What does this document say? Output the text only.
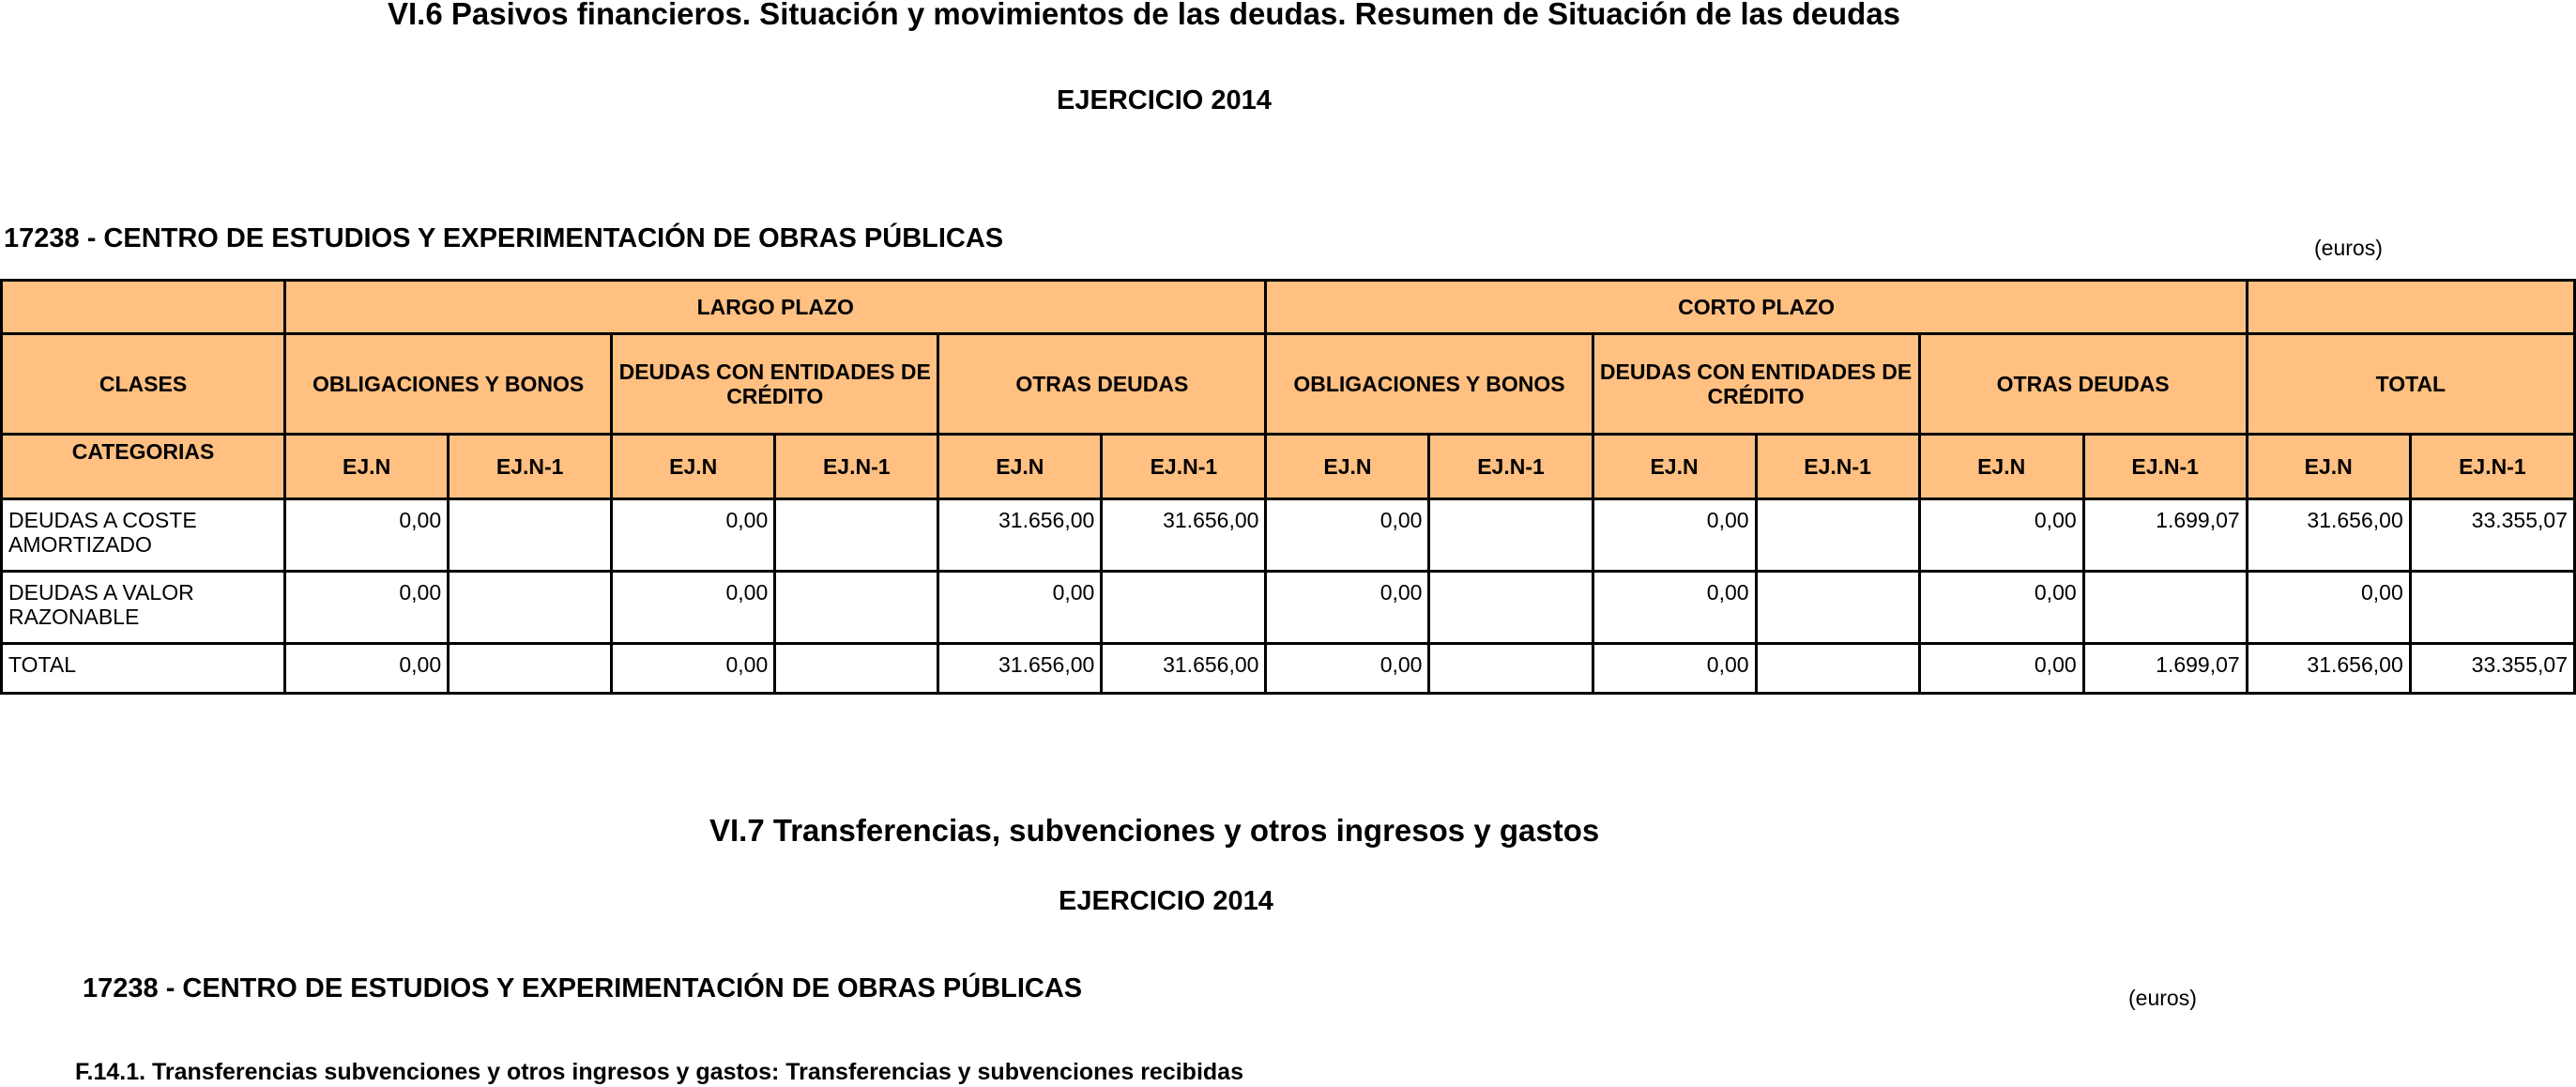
VI.6 Pasivos financieros. Situación y movimientos de las deudas. Resumen de Situación de las deudas
EJERCICIO 2014
17238 - CENTRO DE ESTUDIOS Y EXPERIMENTACIÓN DE OBRAS PÚBLICAS	(euros)
	LARGO PLAZO						CORTO PLAZO							
CLASES	OBLIGACIONES Y BONOS		DEUDAS CON ENTIDADES DE CRÉDITO		OTRAS DEUDAS		OBLIGACIONES Y BONOS		DEUDAS CON ENTIDADES DE CRÉDITO		OTRAS DEUDAS		TOTAL	
CATEGORIAS	EJ.N	EJ.N-1	EJ.N	EJ.N-1	EJ.N	EJ.N-1	EJ.N	EJ.N-1	EJ.N	EJ.N-1	EJ.N	EJ.N-1	EJ.N	EJ.N-1
DEUDAS A COSTE AMORTIZADO	0,00		0,00		31.656,00	31.656,00	0,00		0,00		0,00	1.699,07	31.656,00	33.355,07
DEUDAS A VALOR RAZONABLE	0,00		0,00		0,00		0,00		0,00		0,00		0,00	
TOTAL	0,00		0,00		31.656,00	31.656,00	0,00		0,00		0,00	1.699,07	31.656,00	33.355,07
VI.7 Transferencias, subvenciones y otros ingresos y gastos
EJERCICIO 2014
17238 - CENTRO DE ESTUDIOS Y EXPERIMENTACIÓN DE OBRAS PÚBLICAS	(euros)
F.14.1. Transferencias subvenciones y otros ingresos y gastos: Transferencias y subvenciones recibidas
